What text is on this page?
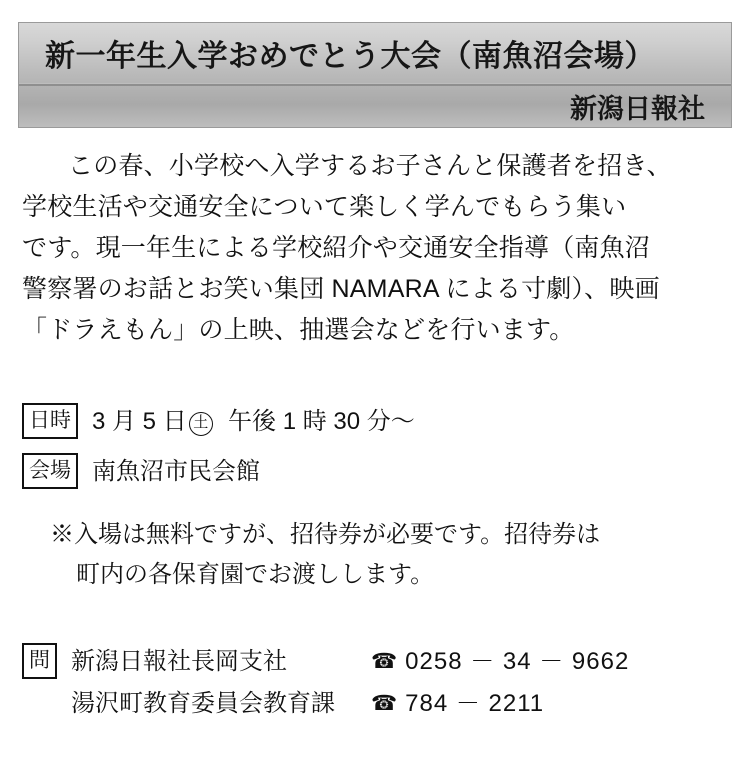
新一年生入学おめでとう大会（南魚沼会場）
新潟日報社
この春、小学校へ入学するお子さんと保護者を招き、
学校生活や交通安全について楽しく学んでもらう集い
です。現一年生による学校紹介や交通安全指導（南魚沼
警察署のお話とお笑い集団 NAMARA による寸劇）、映画
「ドラえもん」の上映、抽選会などを行います。
日時 3 月 5 日 土 午後 1 時 30 分〜
会場 南魚沼市民会館
※入場は無料ですが、招待券が必要です。招待券は
町内の各保育園でお渡しします。
問 新潟日報社長岡支社	☎ 0258 － 34 － 9662
湯沢町教育委員会教育課	☎ 784 － 2211
